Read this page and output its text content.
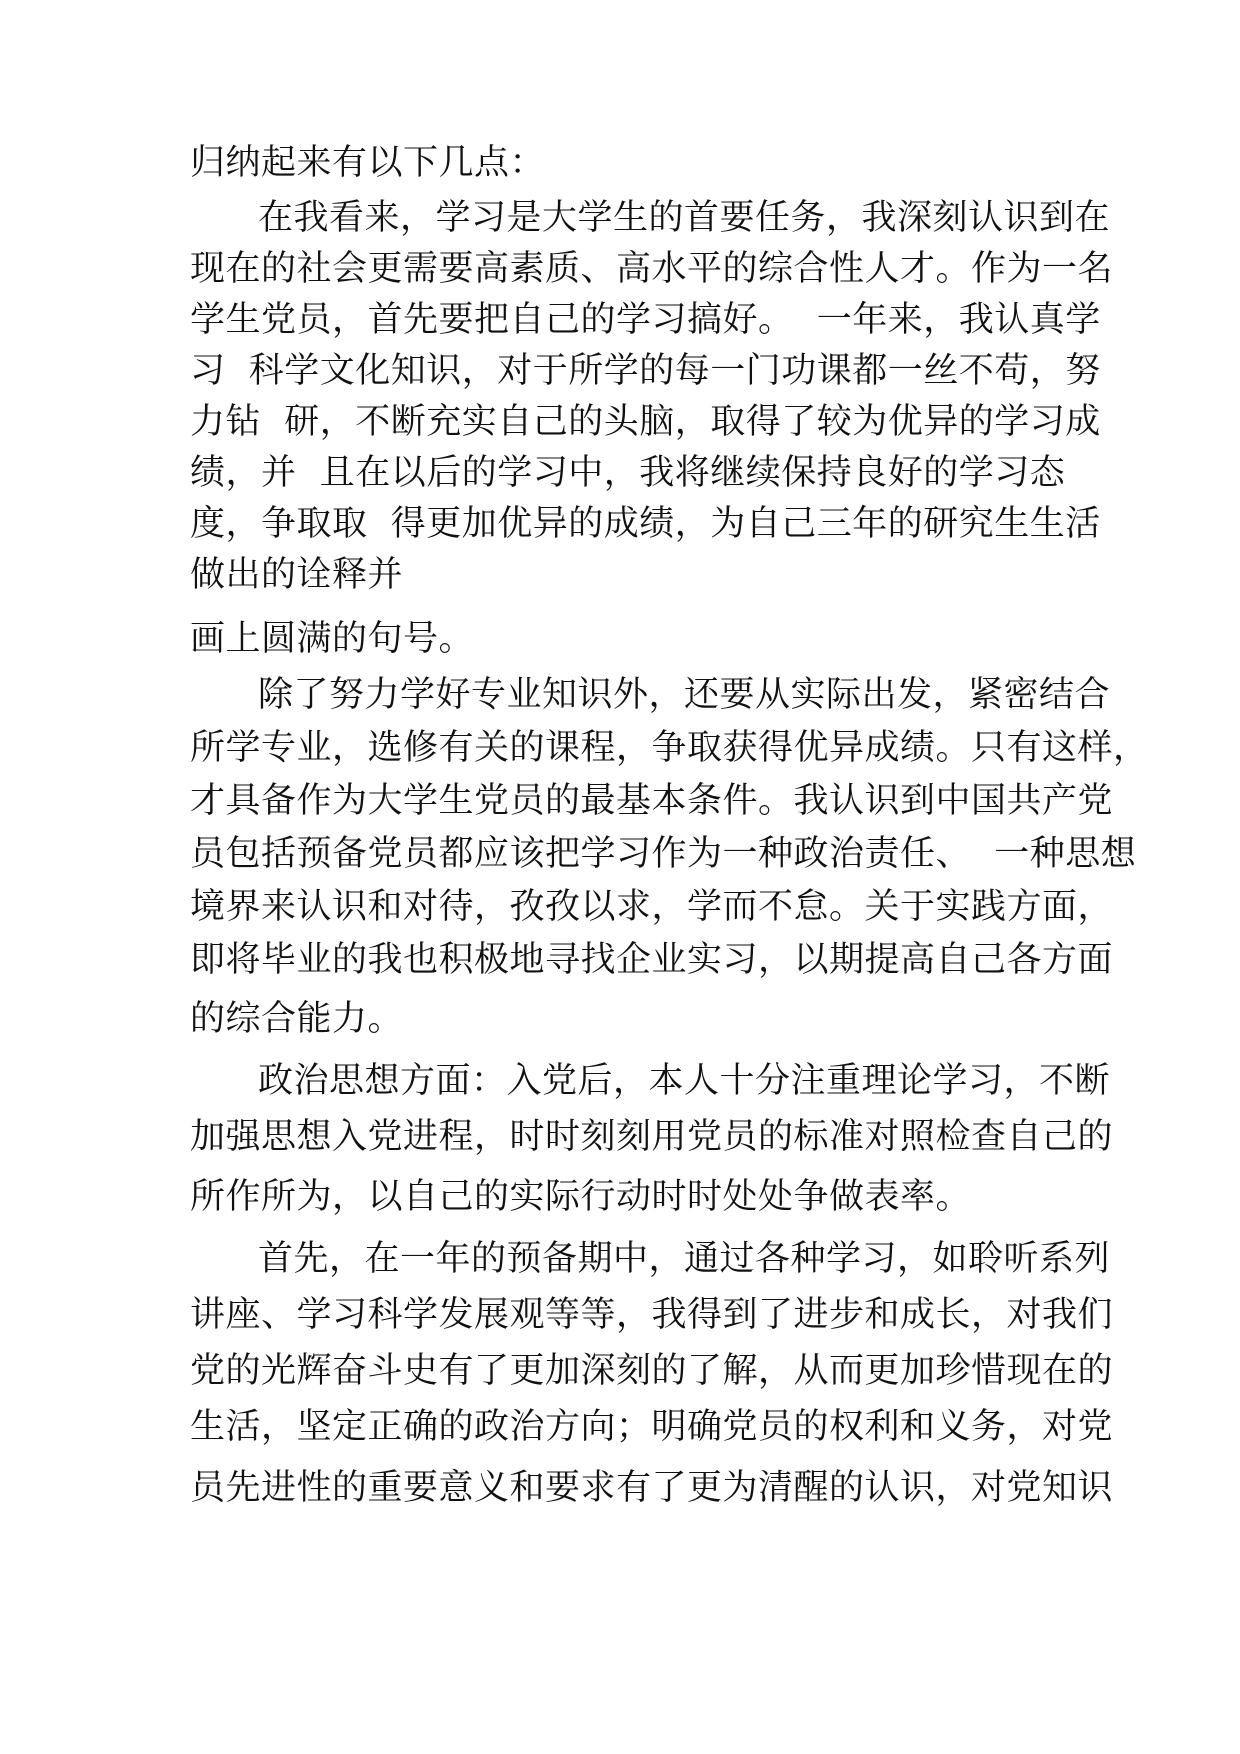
归纳起来有以下几点：
在我看来，学习是大学生的首要任务，我深刻认识到在
现在的社会更需要高素质、高水平的综合性人才。作为一名
学生党员，首先要把自己的学习搞好。  一年来，我认真学
习  科学文化知识，对于所学的每一门功课都一丝不苟，努
力钻  研，不断充实自己的头脑，取得了较为优异的学习成
绩，并  且在以后的学习中，我将继续保持良好的学习态
度，争取取  得更加优异的成绩，为自己三年的研究生生活
做出的诠释并
画上圆满的句号。
除了努力学好专业知识外，还要从实际出发，紧密结合
所学专业，选修有关的课程，争取获得优异成绩。只有这样，
才具备作为大学生党员的最基本条件。我认识到中国共产党
员包括预备党员都应该把学习作为一种政治责任、  一种思想
境界来认识和对待，孜孜以求，学而不怠。关于实践方面，
即将毕业的我也积极地寻找企业实习，以期提高自己各方面
的综合能力。
政治思想方面：入党后，本人十分注重理论学习，不断
加强思想入党进程，时时刻刻用党员的标准对照检查自己的
所作所为，以自己的实际行动时时处处争做表率。
首先，在一年的预备期中，通过各种学习，如聆听系列
讲座、学习科学发展观等等，我得到了进步和成长，对我们
党的光辉奋斗史有了更加深刻的了解，从而更加珍惜现在的
生活，坚定正确的政治方向；明确党员的权利和义务，对党
员先进性的重要意义和要求有了更为清醒的认识，对党知识
